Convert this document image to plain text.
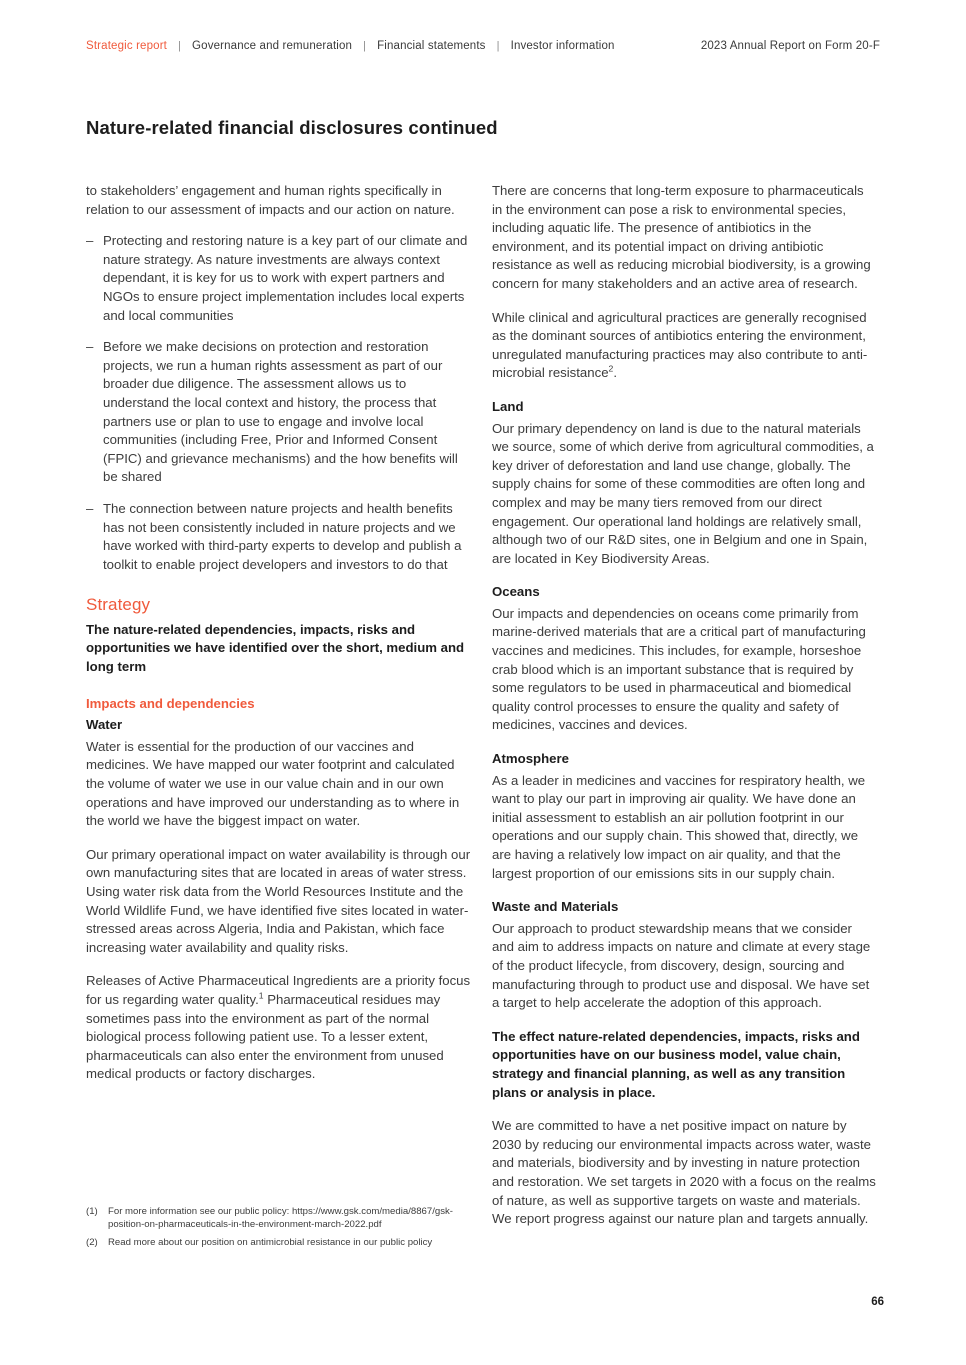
Strategic report | Governance and remuneration | Financial statements | Investor information	2023 Annual Report on Form 20-F
Nature-related financial disclosures continued

to stakeholders’ engagement and human rights specifically in relation to our assessment of impacts and our action on nature.

– Protecting and restoring nature is a key part of our climate and nature strategy. As nature investments are always context dependant, it is key for us to work with expert partners and NGOs to ensure project implementation includes local experts and local communities
– Before we make decisions on protection and restoration projects, we run a human rights assessment as part of our broader due diligence. The assessment allows us to understand the local context and history, the process that partners use or plan to use to engage and involve local communities (including Free, Prior and Informed Consent (FPIC) and grievance mechanisms) and the how benefits will be shared
– The connection between nature projects and health benefits has not been consistently included in nature projects and we have worked with third-party experts to develop and publish a toolkit to enable project developers and investors to do that
Strategy

The nature-related dependencies, impacts, risks and opportunities we have identified over the short, medium and long term

Impacts and dependencies
Water

Water is essential for the production of our vaccines and medicines. We have mapped our water footprint and calculated the volume of water we use in our value chain and in our own operations and have improved our understanding as to where in the world we have the biggest impact on water.

Our primary operational impact on water availability is through our own manufacturing sites that are located in areas of water stress. Using water risk data from the World Resources Institute and the World Wildlife Fund, we have identified five sites located in water-stressed areas across Algeria, India and Pakistan, which face increasing water availability and quality risks.

Releases of Active Pharmaceutical Ingredients are a priority focus for us regarding water quality.$^1$ Pharmaceutical residues may sometimes pass into the environment as part of the normal biological process following patient use. To a lesser extent, pharmaceuticals can also enter the environment from unused medical products or factory discharges.

There are concerns that long-term exposure to pharmaceuticals in the environment can pose a risk to environmental species, including aquatic life. The presence of antibiotics in the environment, and its potential impact on driving antibiotic resistance as well as reducing microbial biodiversity, is a growing concern for many stakeholders and an active area of research.

While clinical and agricultural practices are generally recognised as the dominant sources of antibiotics entering the environment, unregulated manufacturing practices may also contribute to anti-microbial resistance$^2$.

Land

Our primary dependency on land is due to the natural materials we source, some of which derive from agricultural commodities, a key driver of deforestation and land use change, globally. The supply chains for some of these commodities are often long and complex and may be many tiers removed from our direct engagement. Our operational land holdings are relatively small, although two of our R&D sites, one in Belgium and one in Spain, are located in Key Biodiversity Areas.

Oceans

Our impacts and dependencies on oceans come primarily from marine-derived materials that are a critical part of manufacturing vaccines and medicines. This includes, for example, horseshoe crab blood which is an important substance that is required by some regulators to be used in pharmaceutical and biomedical quality control processes to ensure the quality and safety of medicines, vaccines and devices.

Atmosphere

As a leader in medicines and vaccines for respiratory health, we want to play our part in improving air quality. We have done an initial assessment to establish an air pollution footprint in our operations and our supply chain. This showed that, directly, we are having a relatively low impact on air quality, and that the largest proportion of our emissions sits in our supply chain.

Waste and Materials

Our approach to product stewardship means that we consider and aim to address impacts on nature and climate at every stage of the product lifecycle, from discovery, design, sourcing and manufacturing through to product use and disposal. We have set a target to help accelerate the adoption of this approach.

The effect nature-related dependencies, impacts, risks and opportunities have on our business model, value chain, strategy and financial planning, as well as any transition plans or analysis in place.

We are committed to have a net positive impact on nature by 2030 by reducing our environmental impacts across water, waste and materials, biodiversity and by investing in nature protection and restoration. We set targets in 2020 with a focus on the realms of nature, as well as supportive targets on waste and materials. We report progress against our nature plan and targets annually.

(1)	For more information see our public policy: https://www.gsk.com/media/8867/gsk-position-on-pharmaceuticals-in-the-environment-march-2022.pdf
(2)	Read more about our position on antimicrobial resistance in our public policy
66
